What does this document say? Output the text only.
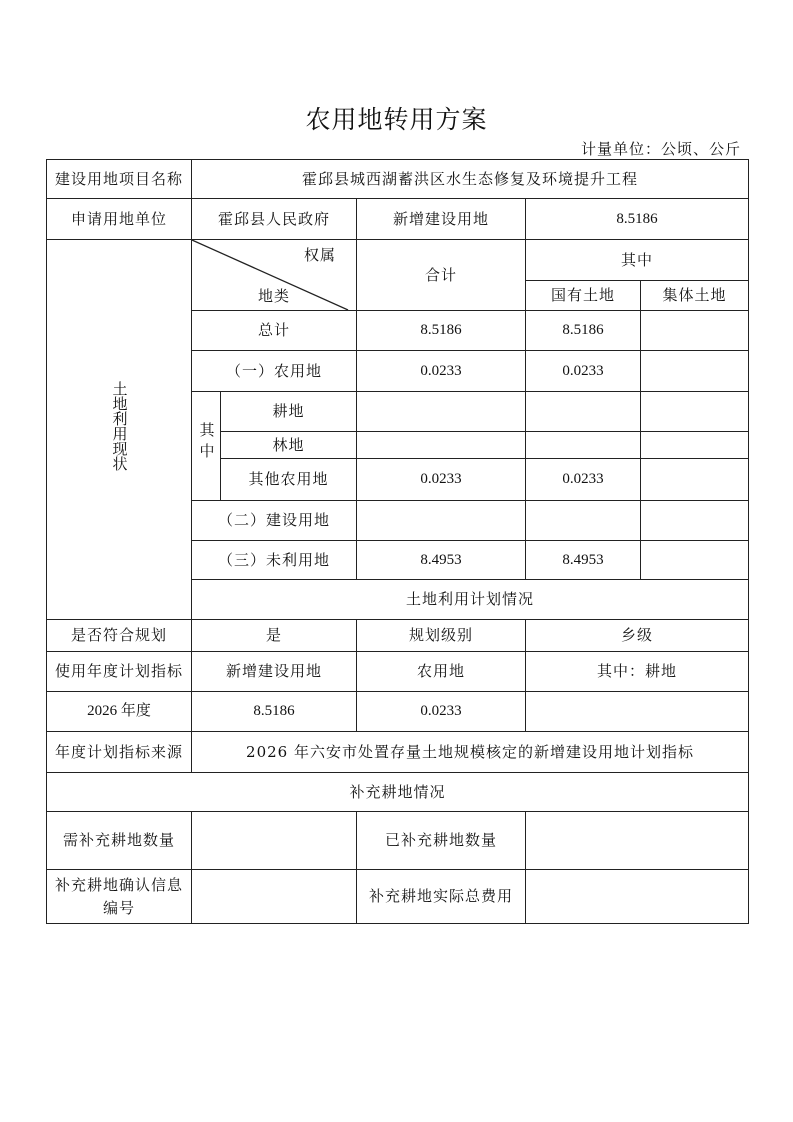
农用地转用方案
计量单位：公顷、公斤
建设用地项目名称	霍邱县城西湖蓄洪区水生态修复及环境提升工程				
申请用地单位	霍邱县人民政府		新增建设用地	8.5186	
土地利用现状	权属
地类		合计	其中	
				国有土地	集体土地
	总计		8.5186	8.5186	
	（一）农用地		0.0233	0.0233	
	其中	耕地			
		林地			
		其他农用地	0.0233	0.0233	
	（二）建设用地				
	（三）未利用地		8.4953	8.4953	
	土地利用计划情况				
是否符合规划	是		规划级别	乡级	
使用年度计划指标	新增建设用地		农用地	其中：耕地	
2026 年度	8.5186		0.0233		
年度计划指标来源	2026 年六安市处置存量土地规模核定的新增建设用地计划指标				
补充耕地情况					
需补充耕地数量			已补充耕地数量		
补充耕地确认信息编号			补充耕地实际总费用		
